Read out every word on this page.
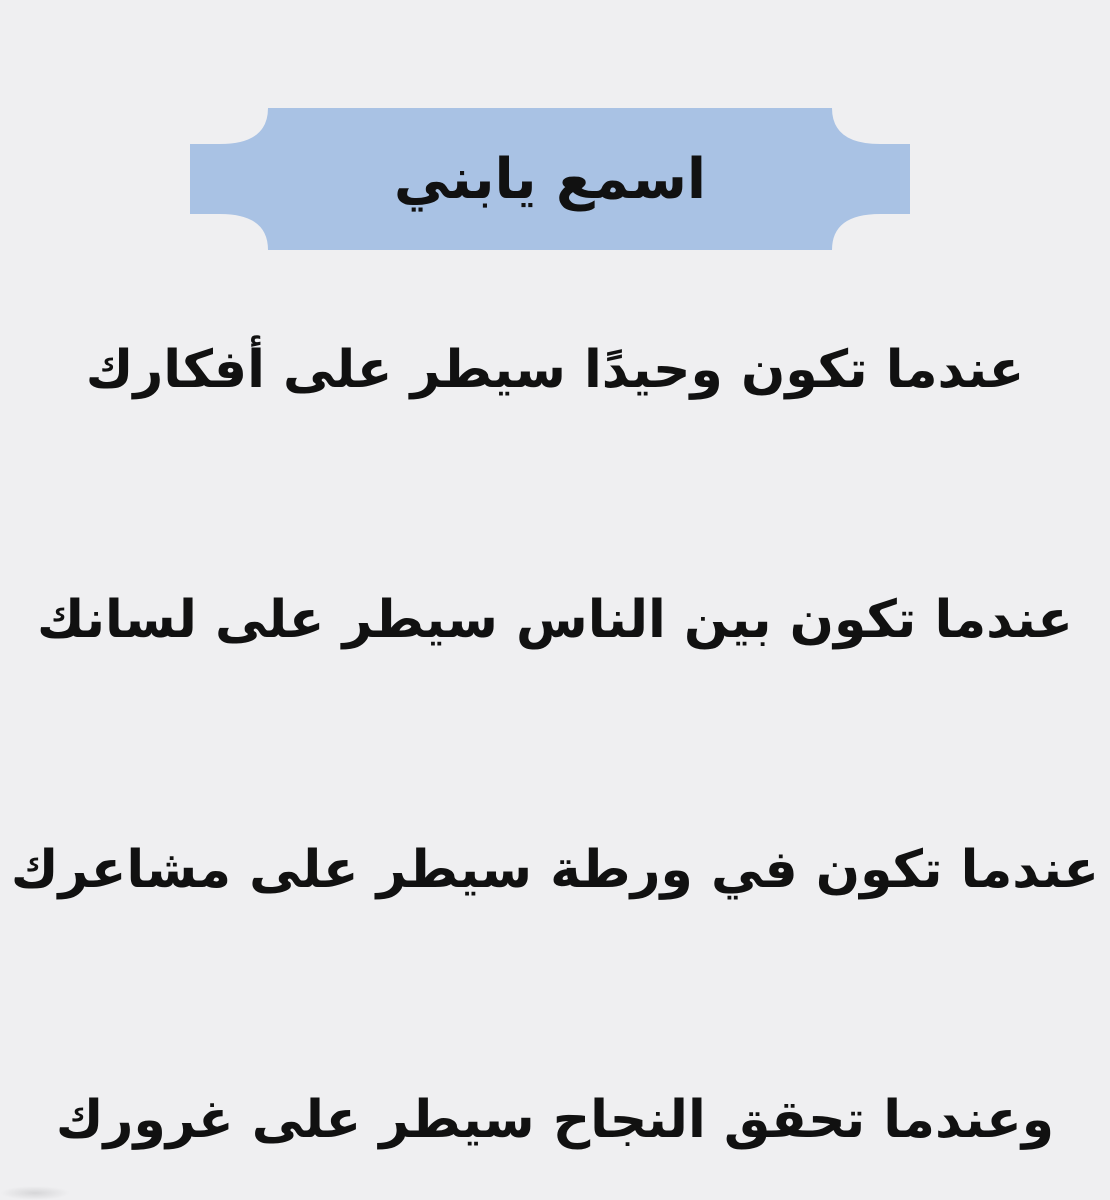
اسمع يابني
عندما تكون وحيدًا سيطر على أفكارك
عندما تكون بين الناس سيطر على لسانك
عندما تكون في ورطة سيطر على مشاعرك
وعندما تحقق النجاح سيطر على غرورك
